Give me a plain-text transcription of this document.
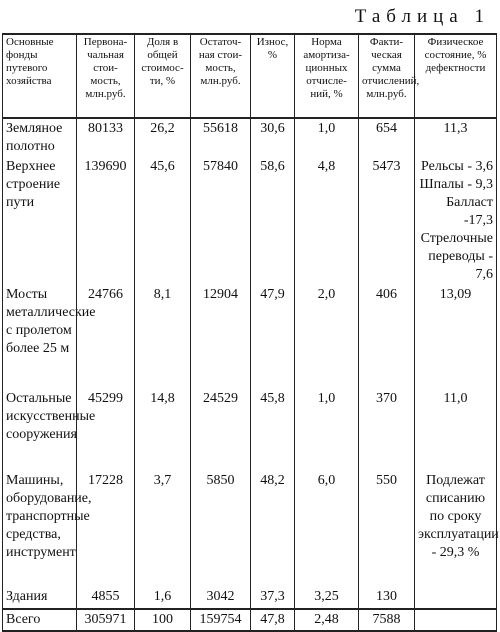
Таблица 1
Основные фонды путевого хозяйства	Первона-чальная стои-мость, млн.руб.	Доля в общей стоимос-ти, %	Остаточ-ная стои-мость, млн.руб.	Износ, %	Норма амортиза-ционных отчисле-ний, %	Факти-ческая сумма отчислений, млн.руб.	Физическое состояние, % дефектности
Земляное полотно	80133	26,2	55618	30,6	1,0	654	11,3

Верхнее строение пути	139690	45,6	57840	58,6	4,8	5473	Рельсы - 3,6
Шпалы - 9,3
Балласт -17,3
Стрелочные переводы - 7,6

Мосты металлические с пролетом более 25 м	24766	8,1	12904	47,9	2,0	406	13,09

Остальные искусственные сооружения	45299	14,8	24529	45,8	1,0	370	11,0

Машины, оборудование, транспортные средства, инструмент	17228	3,7	5850	48,2	6,0	550	Подлежат списанию по сроку эксплуатации - 29,3 %

Здания	4855	1,6	3042	37,3	3,25	130	

Всего	305971	100	159754	47,8	2,48	7588	
